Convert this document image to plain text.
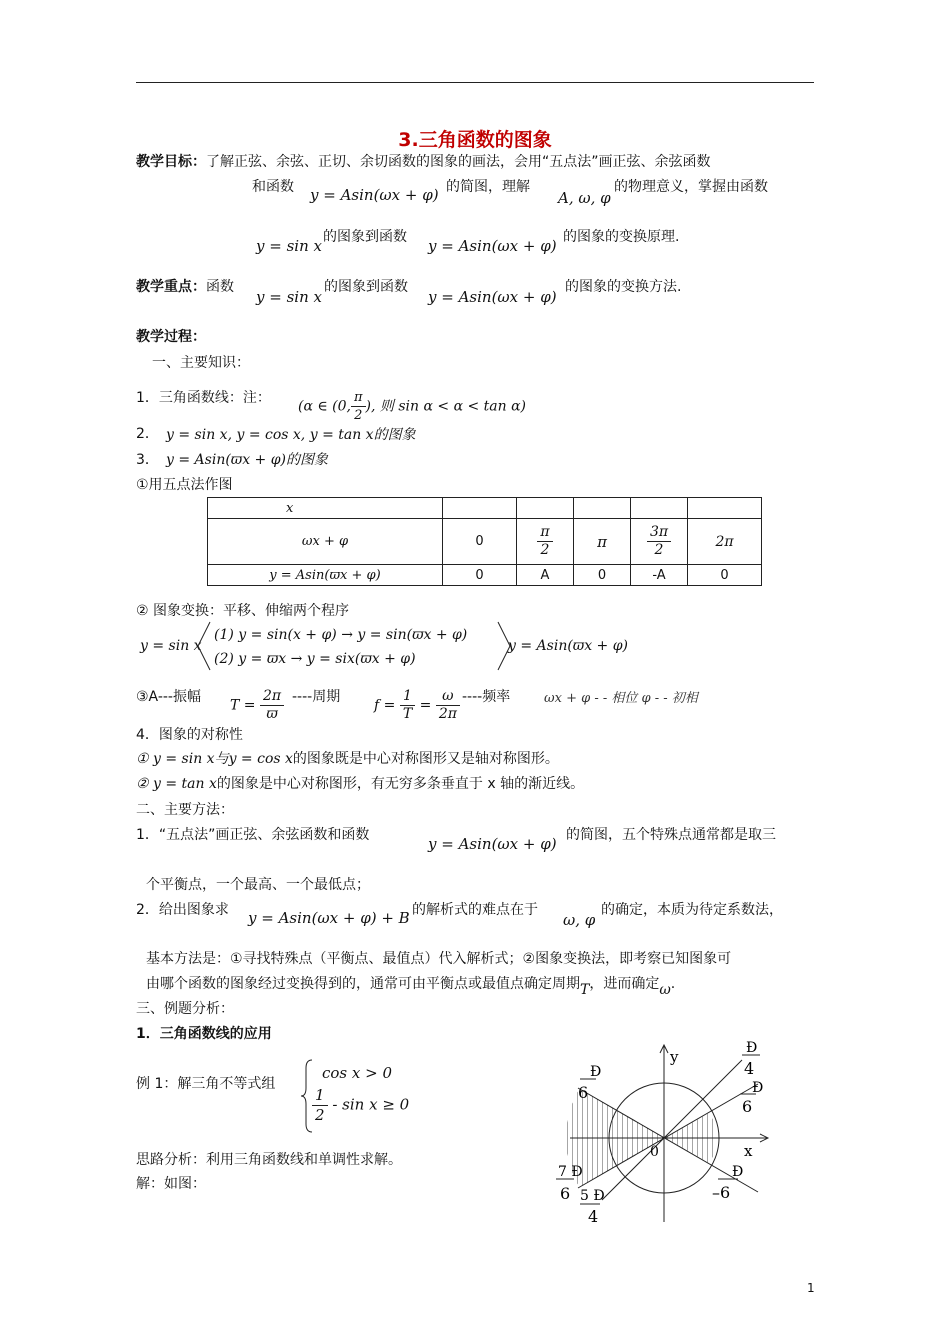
3.三角函数的图象
教学目标：了解正弦、余弦、正切、余切函数的图象的画法，会用“五点法”画正弦、余弦函数
和函数 y = Asin(ωx + φ) 的简图，理解
A, ω, φ
的物理意义，掌握由函数
y = sin x 的图象到函数 y = Asin(ωx + φ) 的图象的变换原理.
教学重点：函数
y = sin x
的图象到函数
y = Asin(ωx + φ)
的图象的变换方法.
教学过程：
一、主要知识：
1．三角函数线：注：
(α ∈ (0, $\frac{\pi}{2}$ ), 则 sin α < α < tan α)
2． y = sin x, y = cos x, y = tan x的图象
3． y = Asin(ϖx + φ)的图象
①用五点法作图
x					
ωx + φ	0	$\frac{\pi}{2}$	π	$\frac{3\pi}{2}$	2π
y = Asin(ϖx + φ)	0	A	0	-A	0
② 图象变换：平移、伸缩两个程序
y = sin x
(1) y = sin(x + φ) → y = sin(ϖx + φ)
(2) y = ϖx → y = six(ϖx + φ)
y = Asin(ϖx + φ)
③A---振幅
$T = \frac{2\pi}{ϖ}$ ----周期
$f = \frac{1}{T} = \frac{\omega}{2\pi}$ ----频率	ωx + φ - - 相位 φ - - 初相
4．图象的对称性
① y = sin x与y = cos x的图象既是中心对称图形又是轴对称图形。
② y = tan x的图象是中心对称图形，有无穷多条垂直于 x 轴的渐近线。
二、主要方法：
1．“五点法”画正弦、余弦函数和函数	y = Asin(ωx + φ) 的简图，五个特殊点通常都是取三
个平衡点，一个最高、一个最低点；
2．给出图象求 y = Asin(ωx + φ) + B 的解析式的难点在于
ω, φ
的确定，本质为待定系数法，
基本方法是：①寻找特殊点（平衡点、最值点）代入解析式；②图象变换法，即考察已知图象可
由哪个函数的图象经过变换得到的，通常可由平衡点或最值点确定周期T，进而确定ω.
三、例题分析：
1．三角函数线的应用
例 1：解三角不等式组
cos x > 0
$\frac{1}{2} - \sin x \ge 0$
思路分析：利用三角函数线和单调性求解。
解：如图：
y
x
0
Ð
4
Ð
6
Ð
6
7 Ð
6 5 Ð
4
Ð
–6
1
